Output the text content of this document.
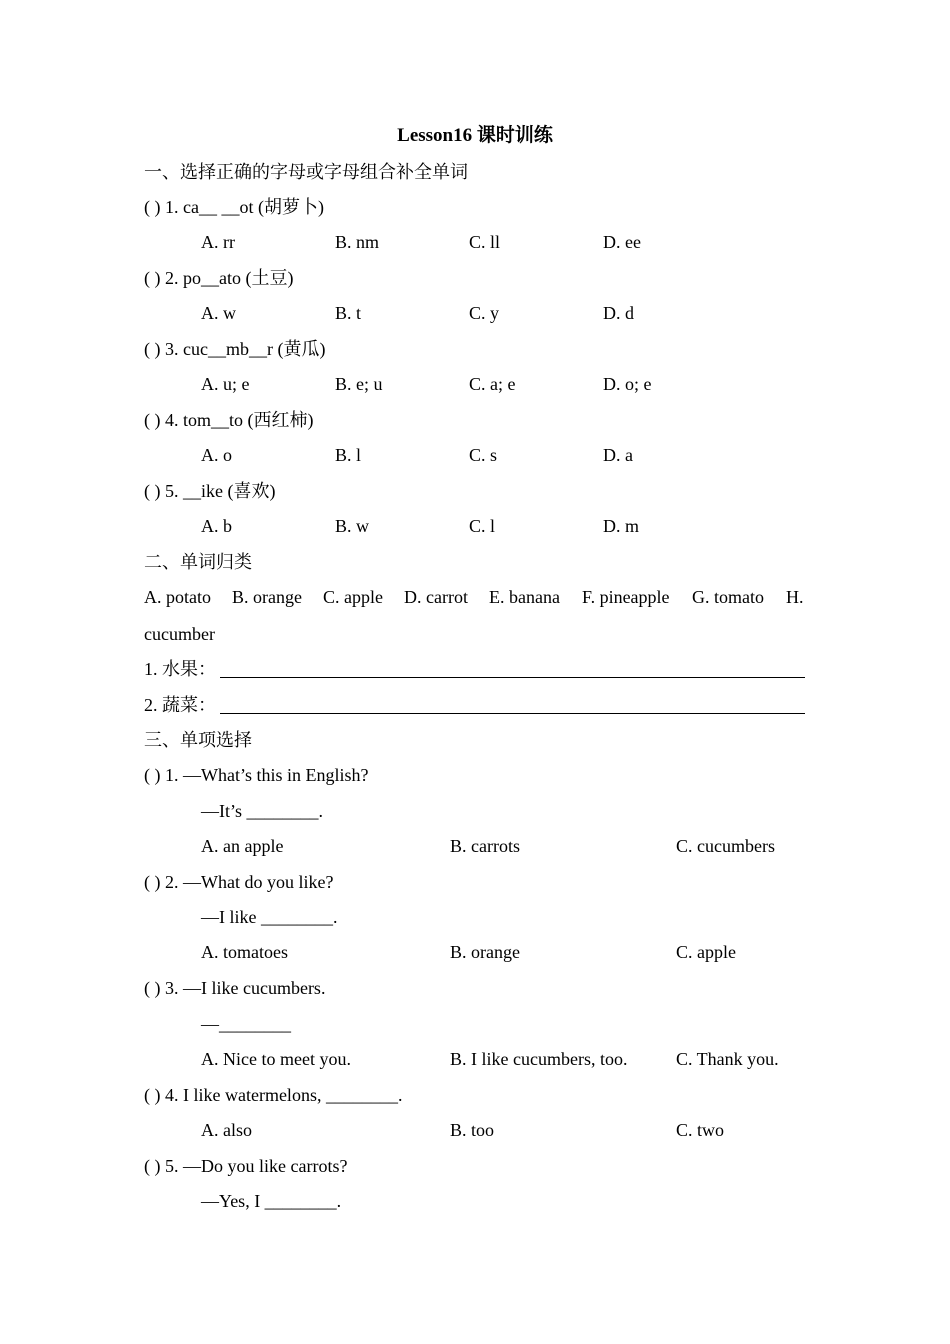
Lesson16 课时训练
一、选择正确的字母或字母组合补全单词
( ) 1. ca__ __ot (胡萝卜)
A. rr	B. nm	C. ll	D. ee
( ) 2. po__ato (土豆)
A. w	B. t	C. y	D. d
( ) 3. cuc__mb__r (黄瓜)
A. u; e	B. e; u	C. a; e	D. o; e
( ) 4. tom__to (西红柿)
A. o	B. l	C. s	D. a
( ) 5. __ike (喜欢)
A. b	B. w	C. l	D. m
二、单词归类
A. potato B. orange C. apple D. carrot E. banana F. pineapple G. tomato H.
cucumber
1. 水果：
2. 蔬菜：
三、单项选择
( ) 1. —What’s this in English?
—It’s ________.
A. an apple	B. carrots	C. cucumbers
( ) 2. —What do you like?
—I like ________.
A. tomatoes	B. orange	C. apple
( ) 3. —I like cucumbers.
—________
A. Nice to meet you.	B. I like cucumbers, too.	C. Thank you.
( ) 4. I like watermelons, ________.
A. also	B. too	C. two
( ) 5. —Do you like carrots?
—Yes, I ________.
